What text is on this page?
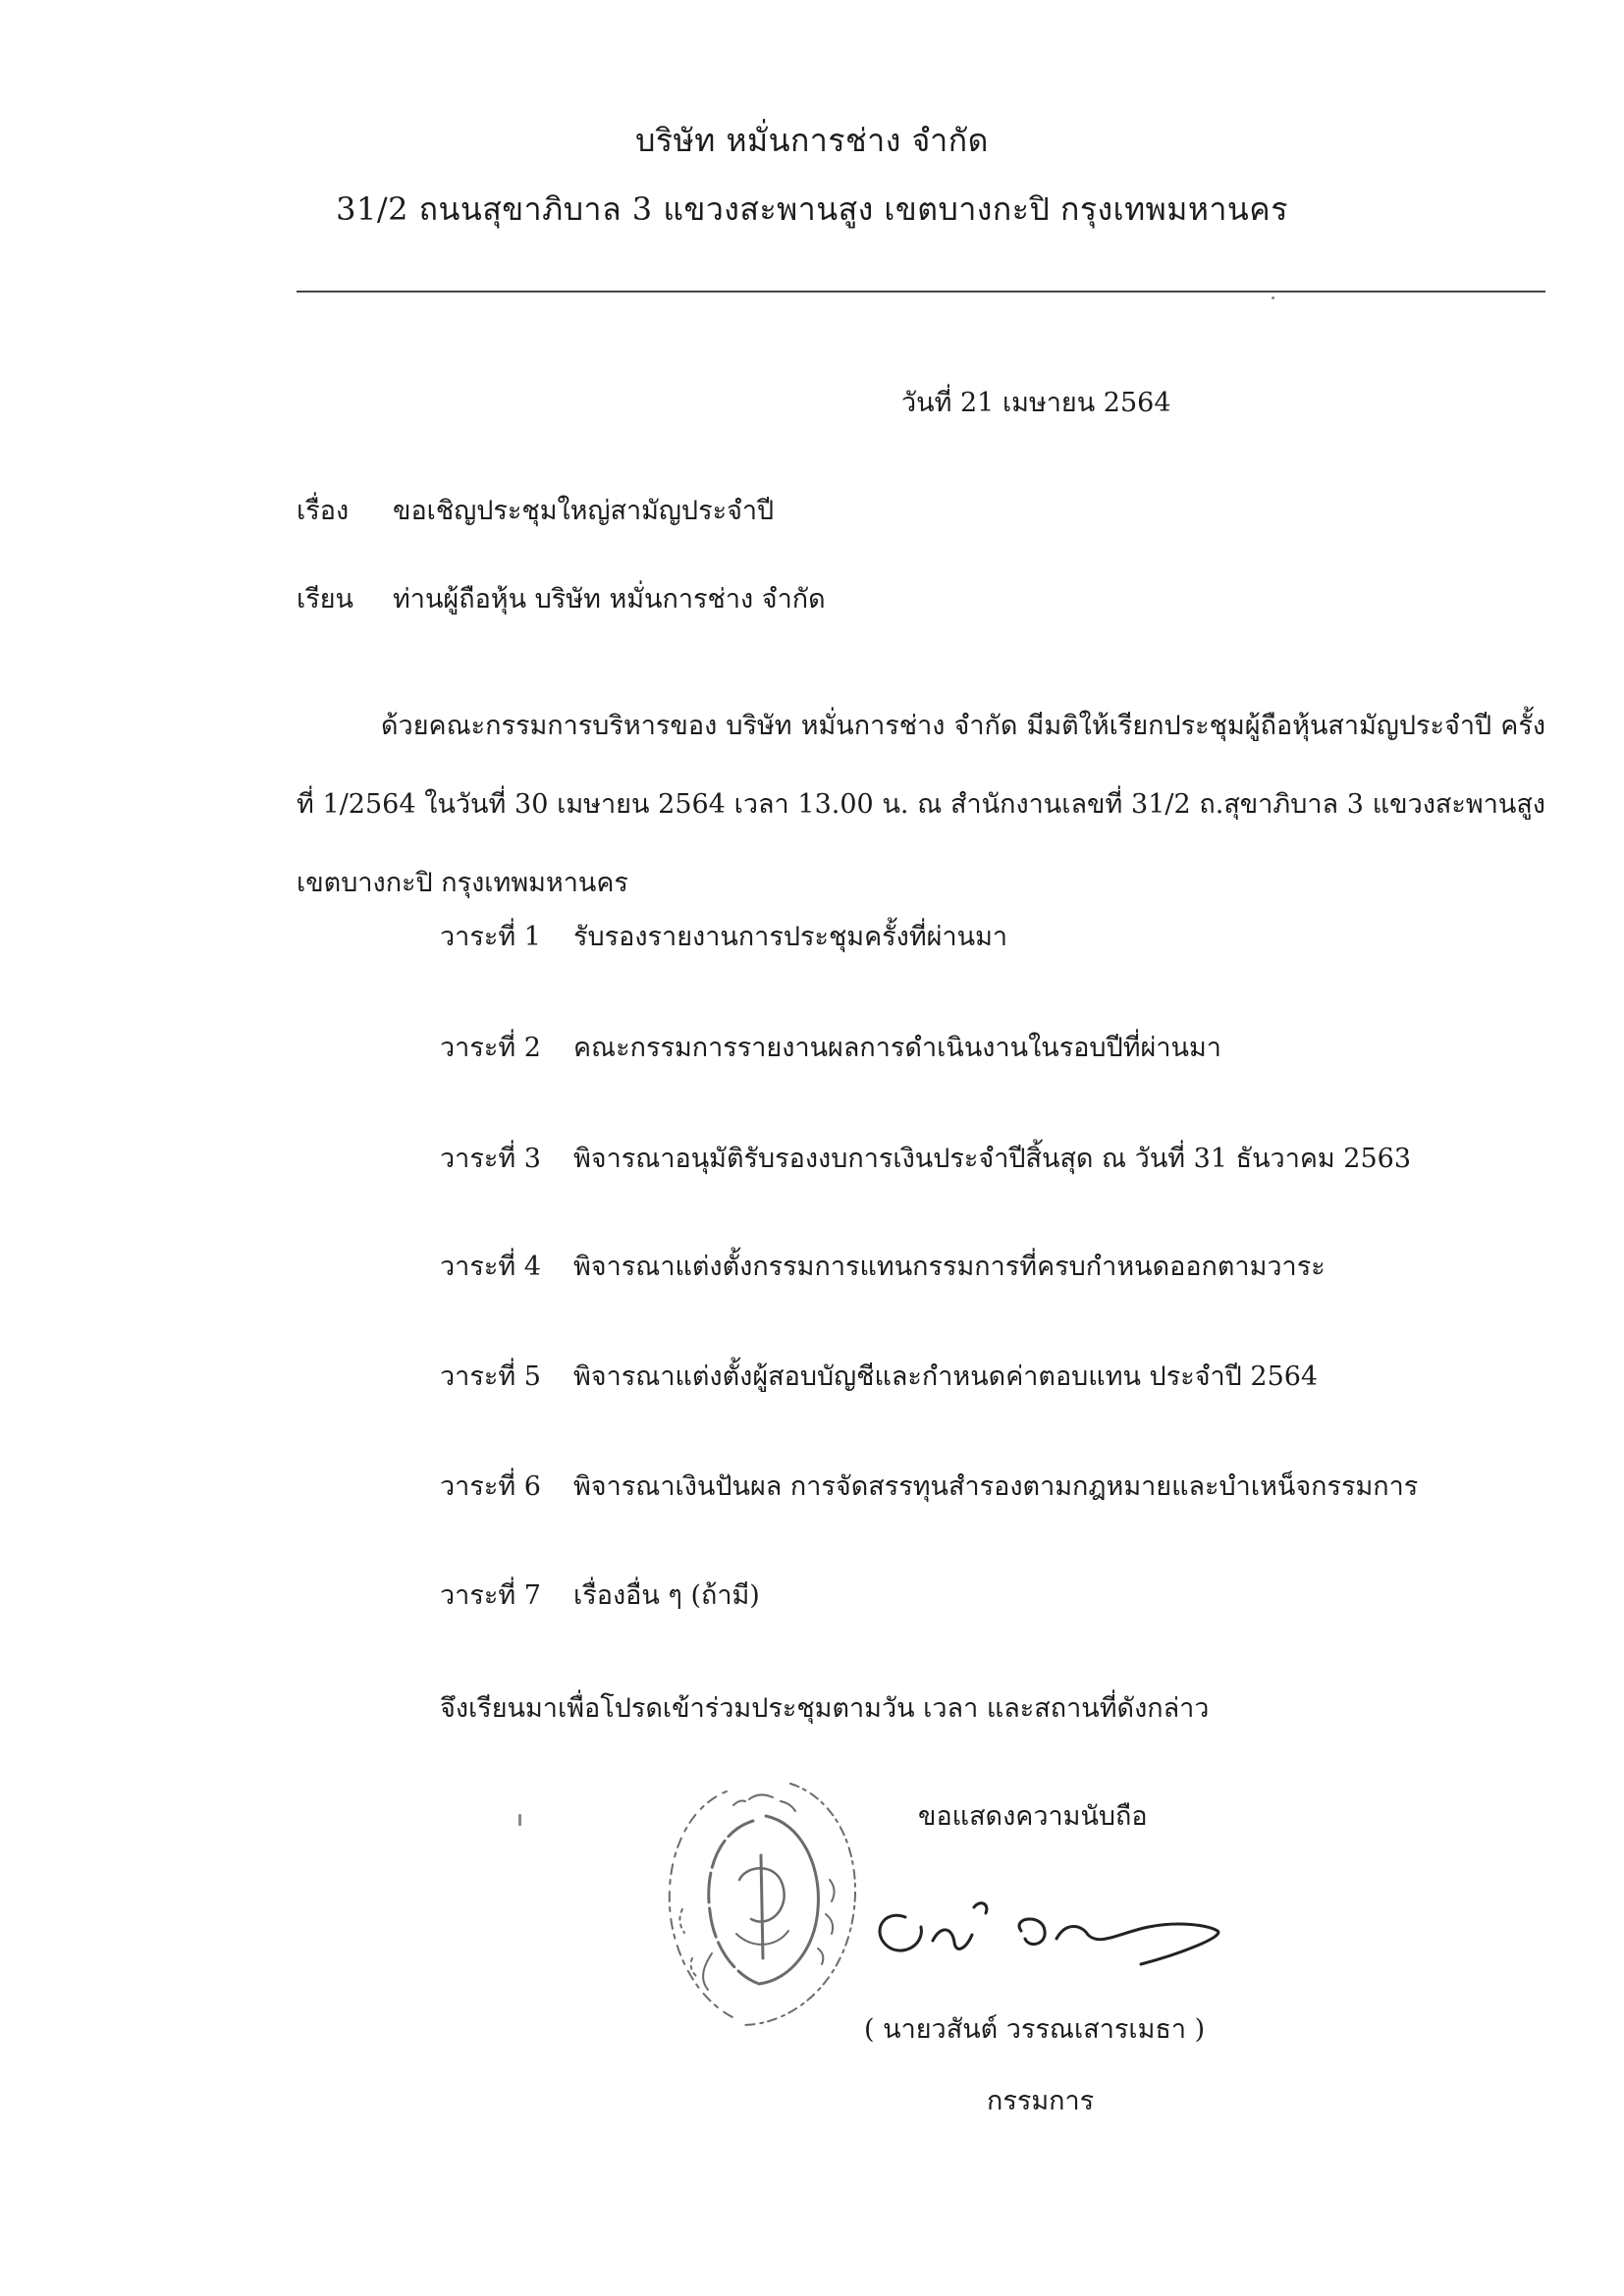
บริษัท หมั่นการช่าง จำกัด
31/2 ถนนสุขาภิบาล 3 แขวงสะพานสูง เขตบางกะปิ กรุงเทพมหานคร
วันที่ 21 เมษายน 2564
เรื่อง ขอเชิญประชุมใหญ่สามัญประจำปี
เรียน ท่านผู้ถือหุ้น บริษัท หมั่นการช่าง จำกัด
ด้วยคณะกรรมการบริหารของ บริษัท หมั่นการช่าง จำกัด มีมติให้เรียกประชุมผู้ถือหุ้นสามัญประจำปี ครั้งที่ 1/2564 ในวันที่ 30 เมษายน 2564 เวลา 13.00 น. ณ สำนักงานเลขที่ 31/2 ถ.สุขาภิบาล 3 แขวงสะพานสูง เขตบางกะปิ กรุงเทพมหานคร
วาระที่ 1 รับรองรายงานการประชุมครั้งที่ผ่านมา
วาระที่ 2 คณะกรรมการรายงานผลการดำเนินงานในรอบปีที่ผ่านมา
วาระที่ 3 พิจารณาอนุมัติรับรองงบการเงินประจำปีสิ้นสุด ณ วันที่ 31 ธันวาคม 2563
วาระที่ 4 พิจารณาแต่งตั้งกรรมการแทนกรรมการที่ครบกำหนดออกตามวาระ
วาระที่ 5 พิจารณาแต่งตั้งผู้สอบบัญชีและกำหนดค่าตอบแทน ประจำปี 2564
วาระที่ 6 พิจารณาเงินปันผล การจัดสรรทุนสำรองตามกฎหมายและบำเหน็จกรรมการ
วาระที่ 7 เรื่องอื่น ๆ (ถ้ามี)
จึงเรียนมาเพื่อโปรดเข้าร่วมประชุมตามวัน เวลา และสถานที่ดังกล่าว
ขอแสดงความนับถือ
( นายวสันต์ วรรณเสารเมธา )
กรรมการ
